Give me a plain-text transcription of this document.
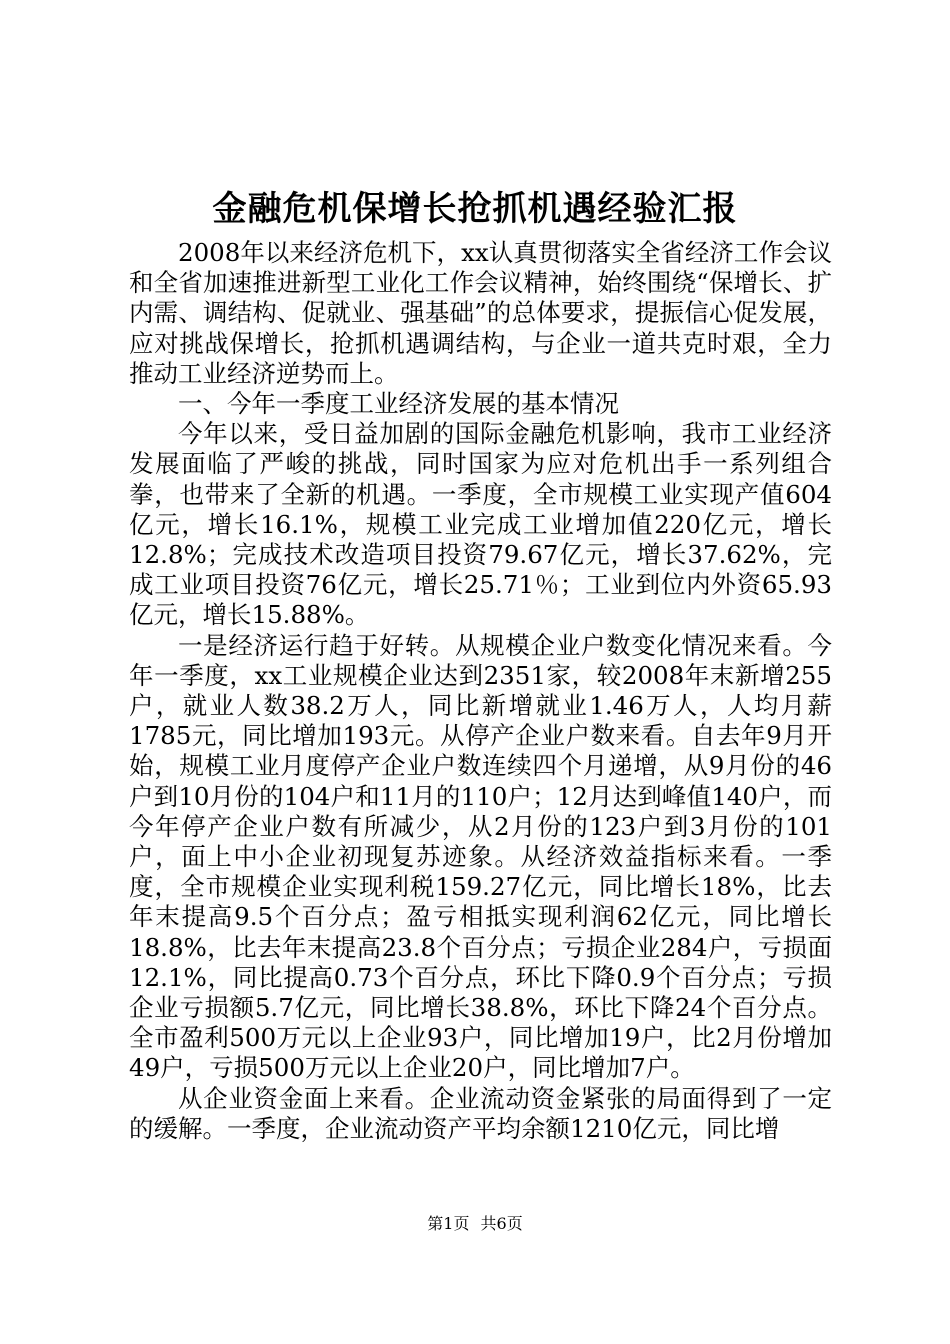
金融危机保增长抢抓机遇经验汇报

2008年以来经济危机下，xx认真贯彻落实全省经济工作会议和全省加速推进新型工业化工作会议精神，始终围绕“保增长、扩内需、调结构、促就业、强基础”的总体要求，提振信心促发展，应对挑战保增长，抢抓机遇调结构，与企业一道共克时艰，全力推动工业经济逆势而上。

一、今年一季度工业经济发展的基本情况

今年以来，受日益加剧的国际金融危机影响，我市工业经济发展面临了严峻的挑战，同时国家为应对危机出手一系列组合拳，也带来了全新的机遇。一季度，全市规模工业实现产值604亿元，增长16.1%，规模工业完成工业增加值220亿元，增长12.8%；完成技术改造项目投资79.67亿元，增长37.62%，完成工业项目投资76亿元，增长25.71％；工业到位内外资65.93亿元，增长15.88%。

一是经济运行趋于好转。从规模企业户数变化情况来看。今年一季度，xx工业规模企业达到2351家，较2008年末新增255户，就业人数38.2万人，同比新增就业1.46万人，人均月薪1785元，同比增加193元。从停产企业户数来看。自去年9月开始，规模工业月度停产企业户数连续四个月递增，从9月份的46户到10月份的104户和11月的110户；12月达到峰值140户，而今年停产企业户数有所减少，从2月份的123户到3月份的101户，面上中小企业初现复苏迹象。从经济效益指标来看。一季度，全市规模企业实现利税159.27亿元，同比增长18%，比去年末提高9.5个百分点；盈亏相抵实现利润62亿元，同比增长18.8%，比去年末提高23.8个百分点；亏损企业284户，亏损面12.1%，同比提高0.73个百分点，环比下降0.9个百分点；亏损企业亏损额5.7亿元，同比增长38.8%，环比下降24个百分点。全市盈利500万元以上企业93户，同比增加19户，比2月份增加49户，亏损500万元以上企业20户，同比增加7户。

从企业资金面上来看。企业流动资金紧张的局面得到了一定的缓解。一季度，企业流动资产平均余额1210亿元，同比增

第1页 共6页
